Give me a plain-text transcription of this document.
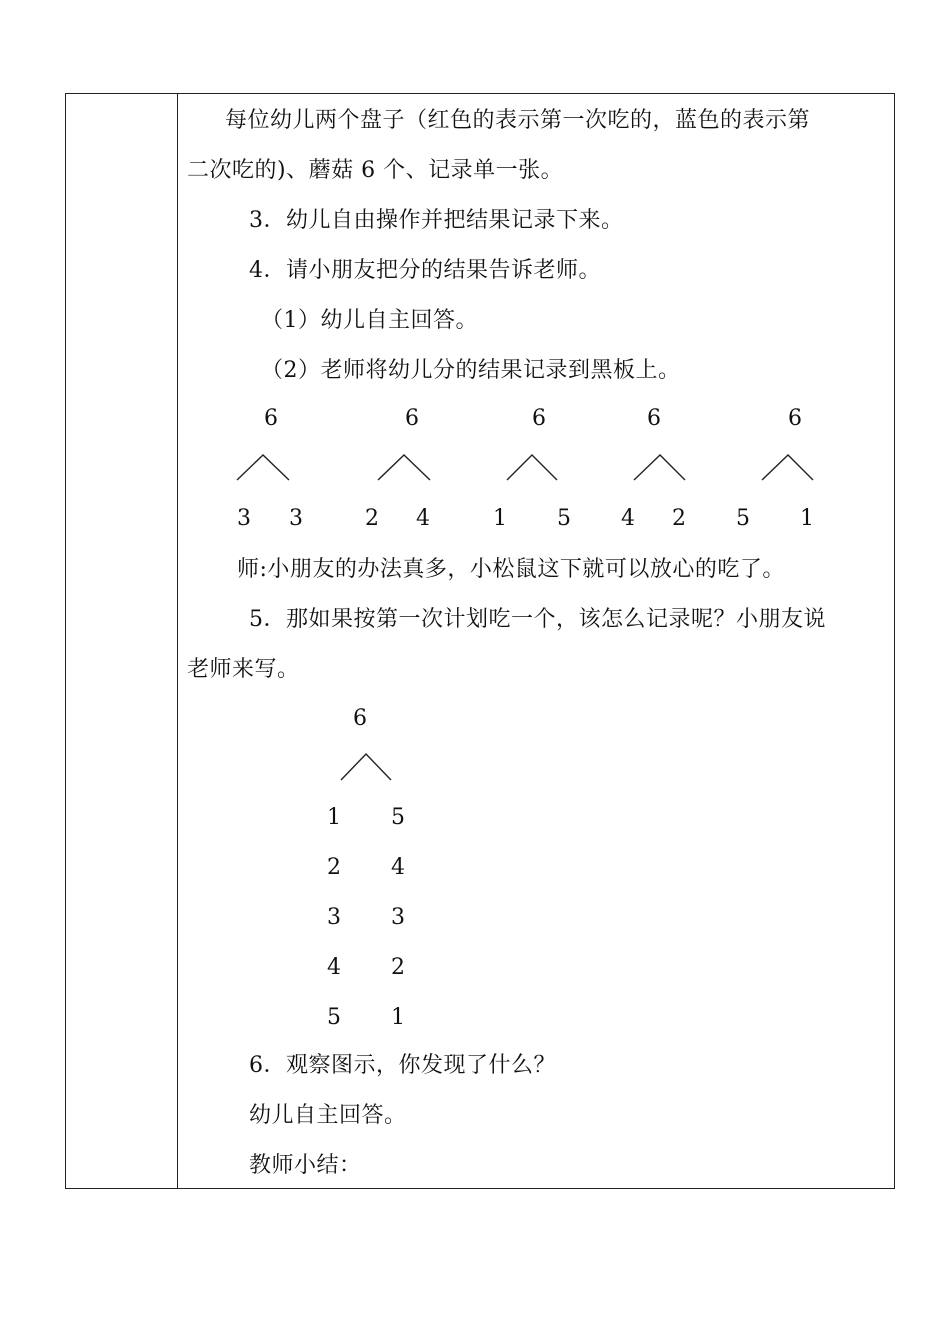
每位幼儿两个盘子（红色的表示第一次吃的，蓝色的表示第
二次吃的)、蘑菇 6 个、记录单一张。
3．幼儿自由操作并把结果记录下来。
4．请小朋友把分的结果告诉老师。
（1）幼儿自主回答。
（2）老师将幼儿分的结果记录到黑板上。
6
3 3
6
2 4
6
1 5
6
4 2
6
5 1
师:小朋友的办法真多，小松鼠这下就可以放心的吃了。
5．那如果按第一次计划吃一个，该怎么记录呢？小朋友说
老师来写。
6
1 5
2 4
3 3
4 2
5 1
6．观察图示，你发现了什么？
幼儿自主回答。
教师小结：
